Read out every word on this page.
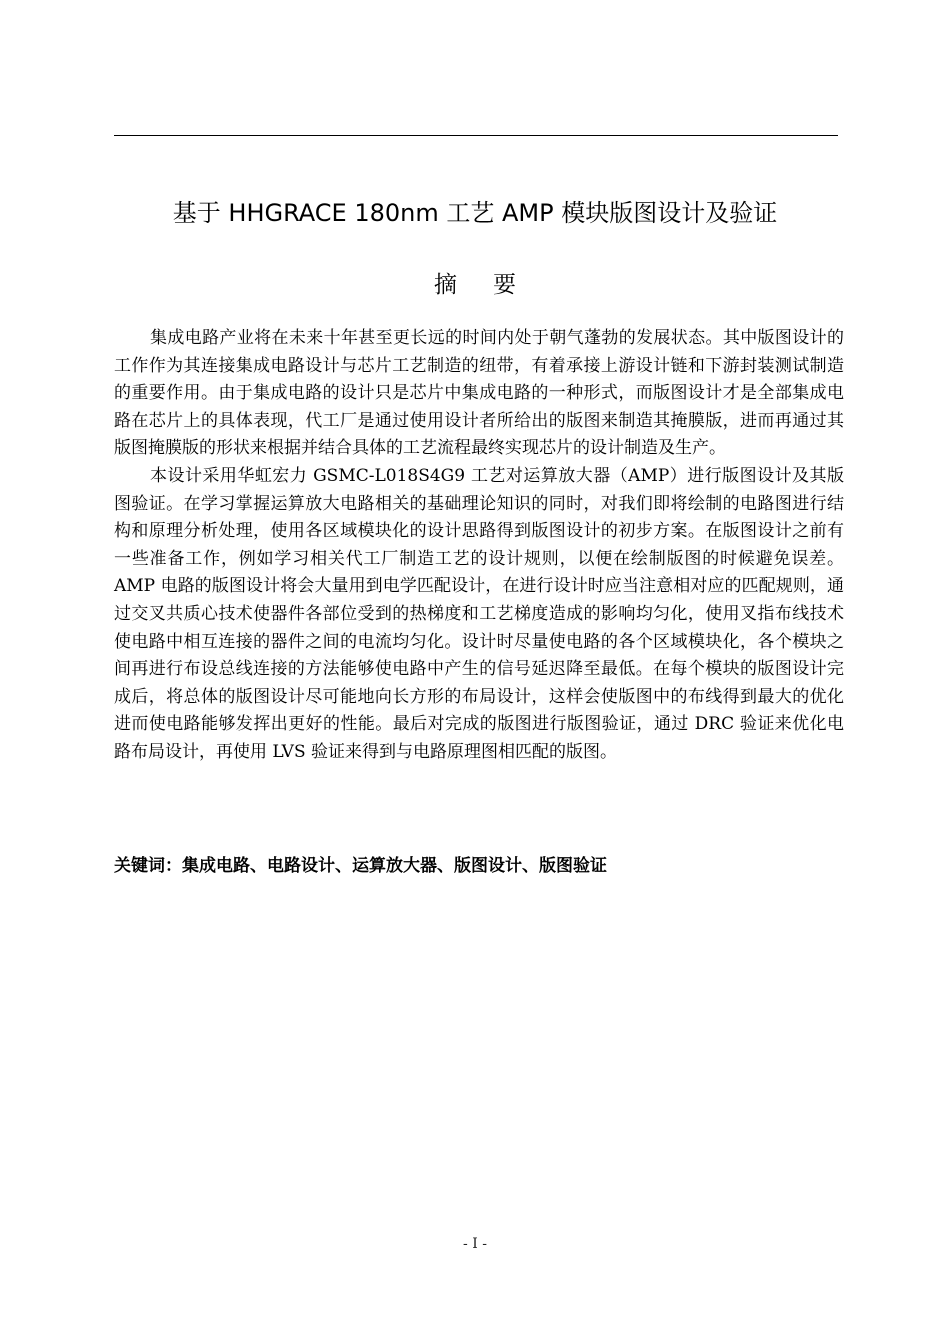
基于 HHGRACE 180nm 工艺 AMP 模块版图设计及验证
摘要

集成电路产业将在未来十年甚至更长远的时间内处于朝气蓬勃的发展状态。其中版图设计的工作作为其连接集成电路设计与芯片工艺制造的纽带，有着承接上游设计链和下游封装测试制造的重要作用。由于集成电路的设计只是芯片中集成电路的一种形式，而版图设计才是全部集成电路在芯片上的具体表现，代工厂是通过使用设计者所给出的版图来制造其掩膜版，进而再通过其版图掩膜版的形状来根据并结合具体的工艺流程最终实现芯片的设计制造及生产。

本设计采用华虹宏力 GSMC-L018S4G9 工艺对运算放大器（AMP）进行版图设计及其版图验证。在学习掌握运算放大电路相关的基础理论知识的同时，对我们即将绘制的电路图进行结构和原理分析处理，使用各区域模块化的设计思路得到版图设计的初步方案。在版图设计之前有一些准备工作，例如学习相关代工厂制造工艺的设计规则，以便在绘制版图的时候避免误差。AMP 电路的版图设计将会大量用到电学匹配设计，在进行设计时应当注意相对应的匹配规则，通过交叉共质心技术使器件各部位受到的热梯度和工艺梯度造成的影响均匀化，使用叉指布线技术使电路中相互连接的器件之间的电流均匀化。设计时尽量使电路的各个区域模块化，各个模块之间再进行布设总线连接的方法能够使电路中产生的信号延迟降至最低。在每个模块的版图设计完成后，将总体的版图设计尽可能地向长方形的布局设计，这样会使版图中的布线得到最大的优化进而使电路能够发挥出更好的性能。最后对完成的版图进行版图验证，通过 DRC 验证来优化电路布局设计，再使用 LVS 验证来得到与电路原理图相匹配的版图。

关键词：集成电路、电路设计、运算放大器、版图设计、版图验证
- I -
